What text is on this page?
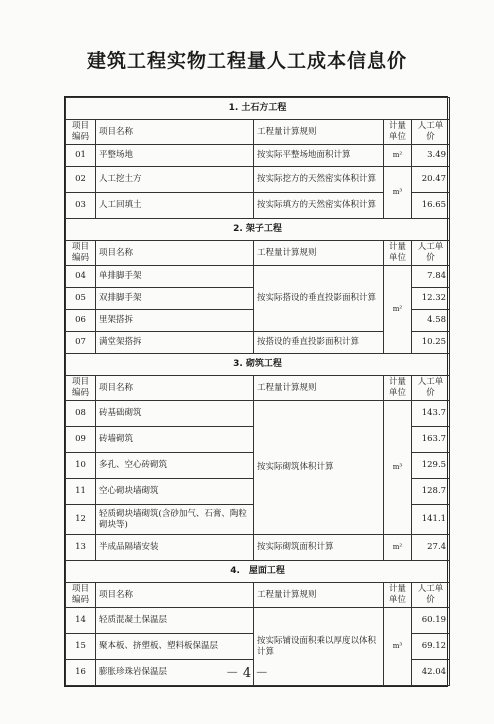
建筑工程实物工程量人工成本信息价
1. 土石方工程				
项目编码	项目名称	工程量计算规则	计量单位	人工单价
01	平整场地	按实际平整场地面积计算	m²	3.49
02	人工挖土方	按实际挖方的天然密实体积计算	m³	20.47
03	人工回填土	按实际填方的天然密实体积计算		16.65
2. 架子工程				
项目编码	项目名称	工程量计算规则	计量单位	人工单价
04	单排脚手架	按实际搭设的垂直投影面积计算	m²	7.84
05	双排脚手架			12.32
06	里架搭拆			4.58
07	满堂架搭拆	按搭设的垂直投影面积计算		10.25
3. 砌筑工程				
项目编码	项目名称	工程量计算规则	计量单位	人工单价
08	砖基础砌筑	按实际砌筑体积计算	m³	143.7
09	砖墙砌筑			163.7
10	多孔、空心砖砌筑			129.5
11	空心砌块墙砌筑			128.7
12	轻质砌块墙砌筑(含砂加气、石膏、陶粒砌块等)			141.1
13	半成品隔墙安装	按实际砌筑面积计算	m²	27.4
4.　屋面工程				
项目编码	项目名称	工程量计算规则	计量单位	人工单价
14	轻质混凝土保温层	按实际铺设面积乘以厚度以体积计算	m³	60.19
15	聚本板、挤塑板、塑料板保温层			69.12
16	膨胀珍珠岩保温层			42.04
－ 4 －
